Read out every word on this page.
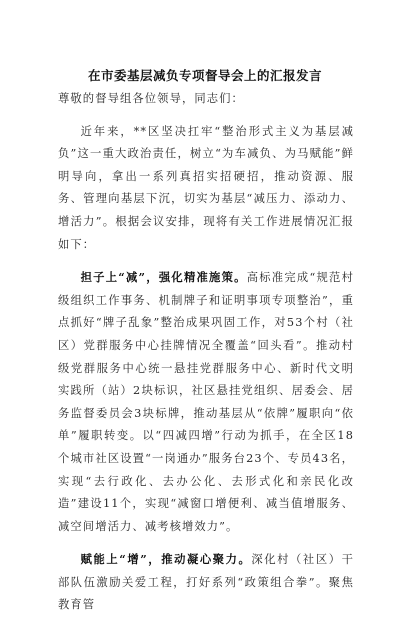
在市委基层减负专项督导会上的汇报发言

尊敬的督导组各位领导，同志们：

近年来，**区坚决扛牢“整治形式主义为基层减负”这一重大政治责任，树立“为车减负、为马赋能”鲜明导向，拿出一系列真招实招硬招，推动资源、服务、管理向基层下沉，切实为基层“减压力、添动力、增活力”。根据会议安排，现将有关工作进展情况汇报如下：

担子上“减”，强化精准施策。高标准完成“规范村级组织工作事务、机制牌子和证明事项专项整治”，重点抓好“牌子乱象”整治成果巩固工作，对53个村（社区）党群服务中心挂牌情况全覆盖“回头看”。推动村级党群服务中心统一悬挂党群服务中心、新时代文明实践所（站）2块标识，社区悬挂党组织、居委会、居务监督委员会3块标牌，推动基层从“依牌”履职向“依单”履职转变。以“四减四增”行动为抓手，在全区18个城市社区设置“一岗通办”服务台23个、专员43名，实现“去行政化、去办公化、去形式化和亲民化改造”建设11个，实现“减窗口增便利、减当值增服务、减空间增活力、减考核增效力”。

赋能上“增”，推动凝心聚力。深化村（社区）干部队伍激励关爱工程，打好系列“政策组合拳”。聚焦教育管
